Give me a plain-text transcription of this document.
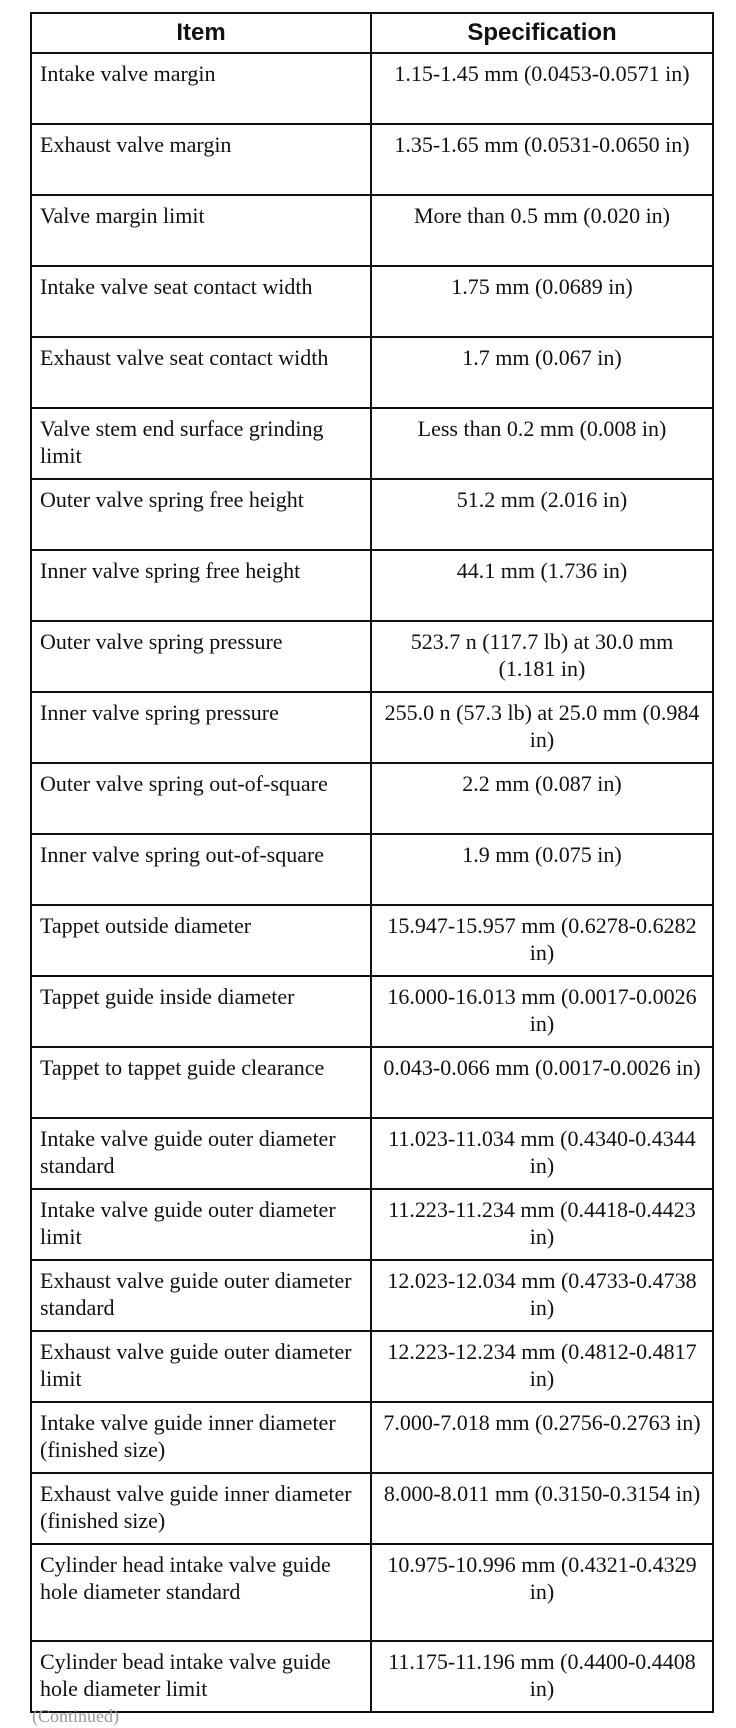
Item	Specification
Intake valve margin	1.15-1.45 mm (0.0453-0.0571 in)
Exhaust valve margin	1.35-1.65 mm (0.0531-0.0650 in)
Valve margin limit	More than 0.5 mm (0.020 in)
Intake valve seat contact width	1.75 mm (0.0689 in)
Exhaust valve seat contact width	1.7 mm (0.067 in)
Valve stem end surface grinding limit	Less than 0.2 mm (0.008 in)
Outer valve spring free height	51.2 mm (2.016 in)
Inner valve spring free height	44.1 mm (1.736 in)
Outer valve spring pressure	523.7 n (117.7 lb) at 30.0 mm (1.181 in)
Inner valve spring pressure	255.0 n (57.3 lb) at 25.0 mm (0.984 in)
Outer valve spring out-of-square	2.2 mm (0.087 in)
Inner valve spring out-of-square	1.9 mm (0.075 in)
Tappet outside diameter	15.947-15.957 mm (0.6278-0.6282 in)
Tappet guide inside diameter	16.000-16.013 mm (0.0017-0.0026 in)
Tappet to tappet guide clearance	0.043-0.066 mm (0.0017-0.0026 in)
Intake valve guide outer diameter standard	11.023-11.034 mm (0.4340-0.4344 in)
Intake valve guide outer diameter limit	11.223-11.234 mm (0.4418-0.4423 in)
Exhaust valve guide outer diameter standard	12.023-12.034 mm (0.4733-0.4738 in)
Exhaust valve guide outer diameter limit	12.223-12.234 mm (0.4812-0.4817 in)
Intake valve guide inner diameter (finished size)	7.000-7.018 mm (0.2756-0.2763 in)
Exhaust valve guide inner diameter (finished size)	8.000-8.011 mm (0.3150-0.3154 in)
Cylinder head intake valve guide hole diameter standard	10.975-10.996 mm (0.4321-0.4329 in)
Cylinder bead intake valve guide hole diameter limit	11.175-11.196 mm (0.4400-0.4408 in)
(Continued)
